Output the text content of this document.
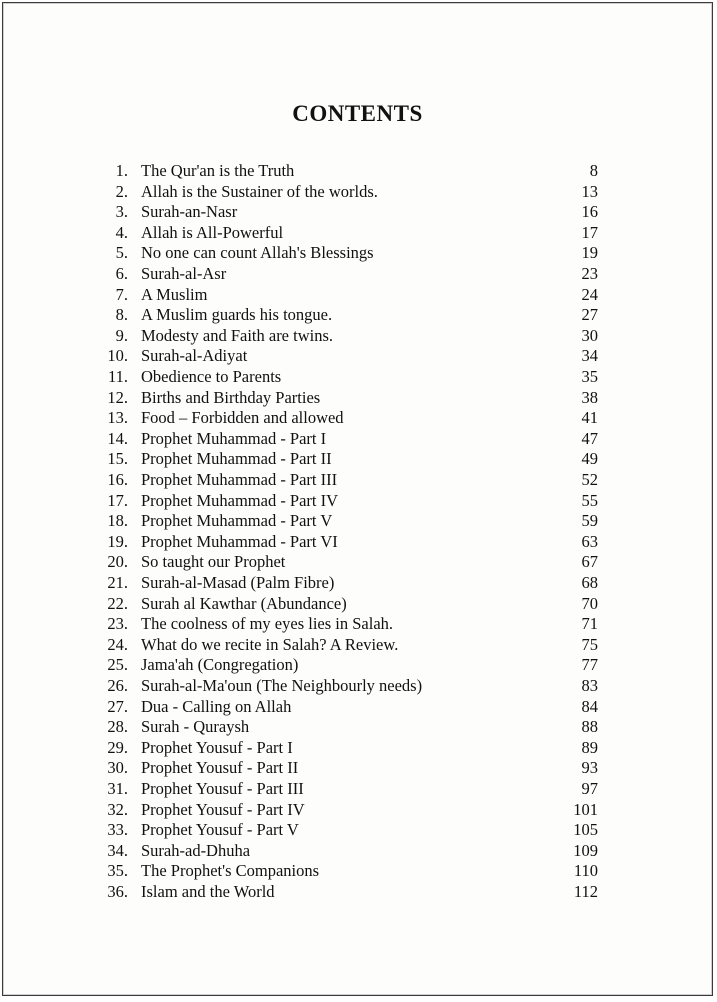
CONTENTS
1. The Qur'an is the Truth	8
2. Allah is the Sustainer of the worlds.	13
3. Surah-an-Nasr	16
4. Allah is All-Powerful	17
5. No one can count Allah's Blessings	19
6. Surah-al-Asr	23
7. A Muslim	24
8. A Muslim guards his tongue.	27
9. Modesty and Faith are twins.	30
10. Surah-al-Adiyat	34
11. Obedience to Parents	35
12. Births and Birthday Parties	38
13. Food – Forbidden and allowed	41
14. Prophet Muhammad - Part I	47
15. Prophet Muhammad - Part II	49
16. Prophet Muhammad - Part III	52
17. Prophet Muhammad - Part IV	55
18. Prophet Muhammad - Part V	59
19. Prophet Muhammad - Part VI	63
20. So taught our Prophet	67
21. Surah-al-Masad (Palm Fibre)	68
22. Surah al Kawthar (Abundance)	70
23. The coolness of my eyes lies in Salah.	71
24. What do we recite in Salah? A Review.	75
25. Jama'ah (Congregation)	77
26. Surah-al-Ma'oun (The Neighbourly needs)	83
27. Dua - Calling on Allah	84
28. Surah - Quraysh	88
29. Prophet Yousuf - Part I	89
30. Prophet Yousuf - Part II	93
31. Prophet Yousuf - Part III	97
32. Prophet Yousuf - Part IV	101
33. Prophet Yousuf - Part V	105
34. Surah-ad-Dhuha	109
35. The Prophet's Companions	110
36. Islam and the World	112
